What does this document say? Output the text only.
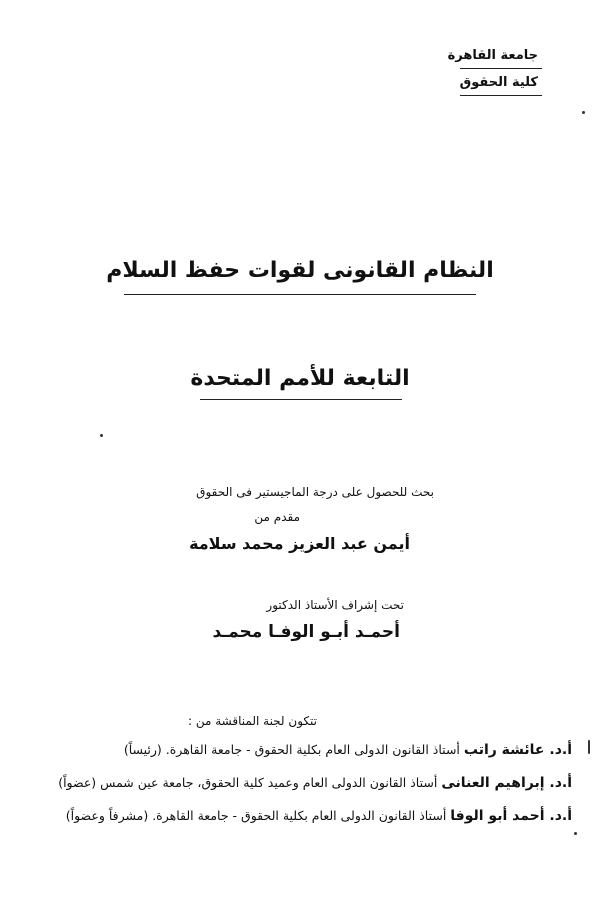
جامعة القاهرة
كلية الحقوق
النظام القانونى لقوات حفظ السلام
التابعة للأمم المتحدة
بحث للحصول على درجة الماجيستير فى الحقوق
مقدم من
أيمن عبد العزيز محمد سلامة
تحت إشراف الأستاذ الدكتور
أحمـد أبـو الوفـا محمـد
تتكون لجنة المناقشة من :
أ.د. عائشة راتب أستاذ القانون الدولى العام بكلية الحقوق - جامعة القاهرة. (رئيساً)
أ.د. إبراهيم العنانى أستاذ القانون الدولى العام وعميد كلية الحقوق، جامعة عين شمس (عضواً)
أ.د. أحمد أبو الوفا أستاذ القانون الدولى العام بكلية الحقوق - جامعة القاهرة. (مشرفاً وعضواً)
